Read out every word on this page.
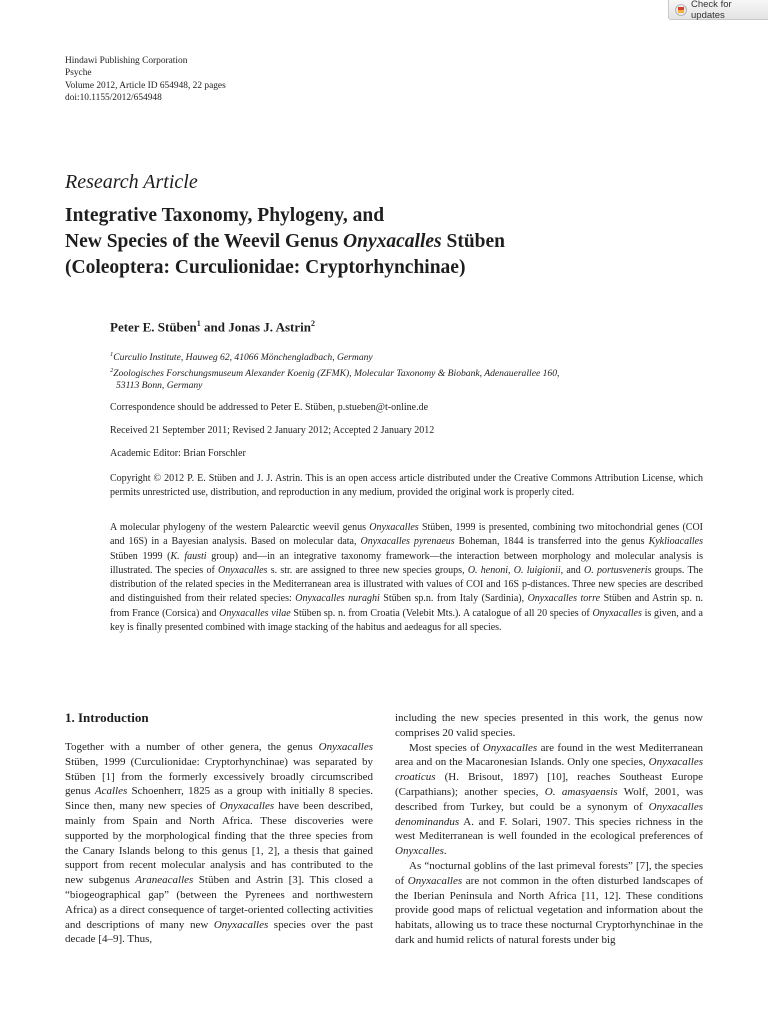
Check for updates
Hindawi Publishing Corporation
Psyche
Volume 2012, Article ID 654948, 22 pages
doi:10.1155/2012/654948
Research Article
Integrative Taxonomy, Phylogeny, and
New Species of the Weevil Genus Onyxacalles Stüben
(Coleoptera: Curculionidae: Cryptorhynchinae)
Peter E. Stüben$^1$ and Jonas J. Astrin$^2$
$^1$Curculio Institute, Hauweg 62, 41066 Mönchengladbach, Germany
$^2$Zoologisches Forschungsmuseum Alexander Koenig (ZFMK), Molecular Taxonomy & Biobank, Adenauerallee 160,
53113 Bonn, Germany
Correspondence should be addressed to Peter E. Stüben, p.stueben@t-online.de
Received 21 September 2011; Revised 2 January 2012; Accepted 2 January 2012
Academic Editor: Brian Forschler
Copyright © 2012 P. E. Stüben and J. J. Astrin. This is an open access article distributed under the Creative Commons Attribution License, which permits unrestricted use, distribution, and reproduction in any medium, provided the original work is properly cited.
A molecular phylogeny of the western Palearctic weevil genus Onyxacalles Stüben, 1999 is presented, combining two mitochondrial genes (COI and 16S) in a Bayesian analysis. Based on molecular data, Onyxacalles pyrenaeus Boheman, 1844 is transferred into the genus Kyklioacalles Stüben 1999 (K. fausti group) and—in an integrative taxonomy framework—the interaction between morphology and molecular analysis is illustrated. The species of Onyxacalles s. str. are assigned to three new species groups, O. henoni, O. luigionii, and O. portusveneris groups. The distribution of the related species in the Mediterranean area is illustrated with values of COI and 16S p-distances. Three new species are described and distinguished from their related species: Onyxacalles nuraghi Stüben sp.n. from Italy (Sardinia), Onyxacalles torre Stüben and Astrin sp. n. from France (Corsica) and Onyxacalles vilae Stüben sp. n. from Croatia (Velebit Mts.). A catalogue of all 20 species of Onyxacalles is given, and a key is finally presented combined with image stacking of the habitus and aedeagus for all species.
1. Introduction

Together with a number of other genera, the genus Onyxacalles Stüben, 1999 (Curculionidae: Cryptorhynchinae) was separated by Stüben [1] from the formerly excessively broadly circumscribed genus Acalles Schoenherr, 1825 as a group with initially 8 species. Since then, many new species of Onyxacalles have been described, mainly from Spain and North Africa. These discoveries were supported by the morphological finding that the three species from the Canary Islands belong to this genus [1, 2], a thesis that gained support from recent molecular analysis and has contributed to the new subgenus Araneacalles Stüben and Astrin [3]. This closed a “biogeographical gap” (between the Pyrenees and northwestern Africa) as a direct consequence of target-oriented collecting activities and descriptions of many new Onyxacalles species over the past decade [4–9]. Thus,

including the new species presented in this work, the genus now comprises 20 valid species.

Most species of Onyxacalles are found in the west Mediterranean area and on the Macaronesian Islands. Only one species, Onyxacalles croaticus (H. Brisout, 1897) [10], reaches Southeast Europe (Carpathians); another species, O. amasyaensis Wolf, 2001, was described from Turkey, but could be a synonym of Onyxacalles denominandus A. and F. Solari, 1907. This species richness in the west Mediterranean is well founded in the ecological preferences of Onyxcalles.

As “nocturnal goblins of the last primeval forests” [7], the species of Onyxacalles are not common in the often disturbed landscapes of the Iberian Peninsula and North Africa [11, 12]. These conditions provide good maps of relictual vegetation and information about the habitats, allowing us to trace these nocturnal Cryptorhynchinae in the dark and humid relicts of natural forests under big
